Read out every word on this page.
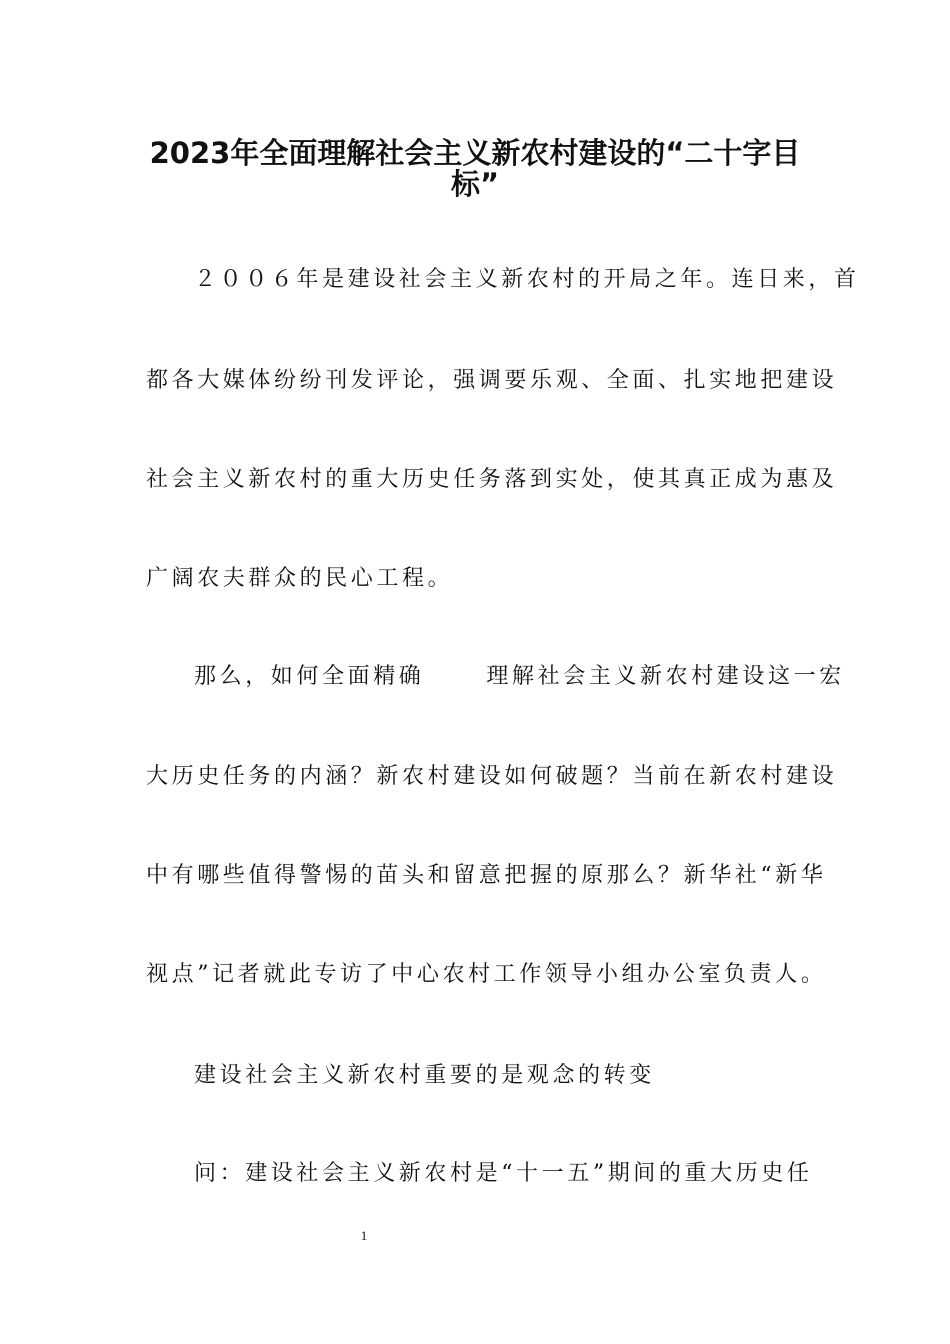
2023年全面理解社会主义新农村建设的“二十字目
标”

２００６年是建设社会主义新农村的开局之年。连日来，首

都各大媒体纷纷刊发评论，强调要乐观、全面、扎实地把建设

社会主义新农村的重大历史任务落到实处，使其真正成为惠及

广阔农夫群众的民心工程。

那么，如何全面精确	理解社会主义新农村建设这一宏

大历史任务的内涵？新农村建设如何破题？当前在新农村建设

中有哪些值得警惕的苗头和留意把握的原那么？新华社“新华

视点”记者就此专访了中心农村工作领导小组办公室负责人。

建设社会主义新农村重要的是观念的转变

问：建设社会主义新农村是“十一五”期间的重大历史任

1
